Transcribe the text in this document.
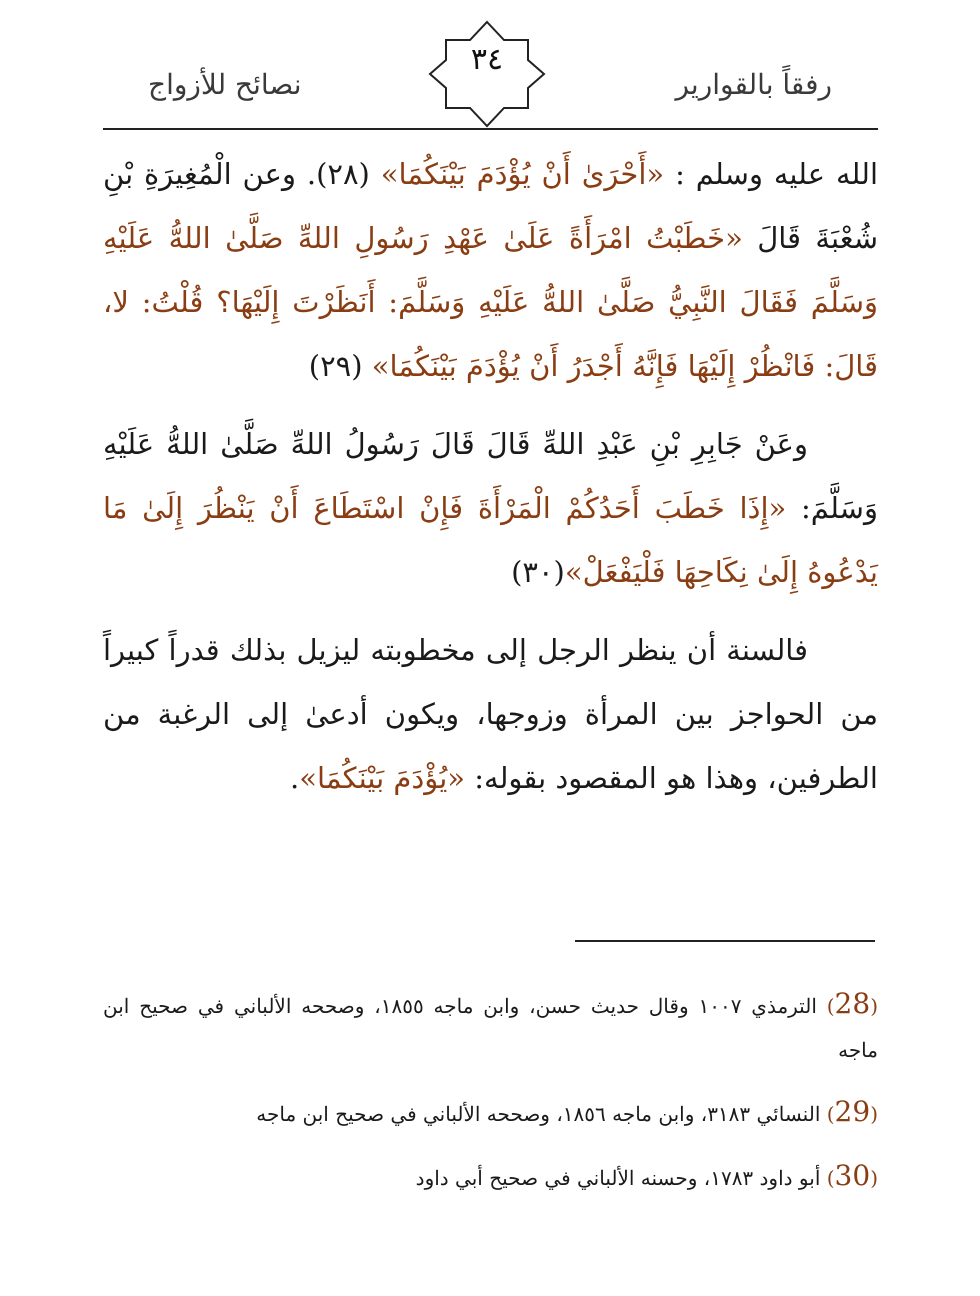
رفقاً بالقوارير
٣٤
نصائح للأزواج

الله عليه وسلم : «أَحْرَىٰ أَنْ يُؤْدَمَ بَيْنَكُمَا» (٢٨). وعن الْمُغِيرَةِ بْنِ شُعْبَةَ قَالَ «خَطَبْتُ امْرَأَةً عَلَىٰ عَهْدِ رَسُولِ اللهِّ صَلَّىٰ اللهُّ عَلَيْهِ وَسَلَّمَ فَقَالَ النَّبِيُّ صَلَّىٰ اللهُّ عَلَيْهِ وَسَلَّمَ: أَنَظَرْتَ إِلَيْهَا؟ قُلْتُ: لا، قَالَ: فَانْظُرْ إِلَيْهَا فَإِنَّهُ أَجْدَرُ أَنْ يُؤْدَمَ بَيْنَكُمَا» (٢٩)

وعَنْ جَابِرِ بْنِ عَبْدِ اللهِّ قَالَ قَالَ رَسُولُ اللهِّ صَلَّىٰ اللهُّ عَلَيْهِ وَسَلَّمَ: «إِذَا خَطَبَ أَحَدُكُمْ الْمَرْأَةَ فَإِنْ اسْتَطَاعَ أَنْ يَنْظُرَ إِلَىٰ مَا يَدْعُوهُ إِلَىٰ نِكَاحِهَا فَلْيَفْعَلْ»(٣٠)

فالسنة أن ينظر الرجل إلى مخطوبته ليزيل بذلك قدراً كبيراً من الحواجز بين المرأة وزوجها، ويكون أدعىٰ إلى الرغبة من الطرفين، وهذا هو المقصود بقوله: «يُؤْدَمَ بَيْنَكُمَا».

(28) الترمذي ١٠٠٧ وقال حديث حسن، وابن ماجه ١٨٥٥، وصححه الألباني في صحيح ابن ماجه

(29) النسائي ٣١٨٣، وابن ماجه ١٨٥٦، وصححه الألباني في صحيح ابن ماجه

(30) أبو داود ١٧٨٣، وحسنه الألباني في صحيح أبي داود
